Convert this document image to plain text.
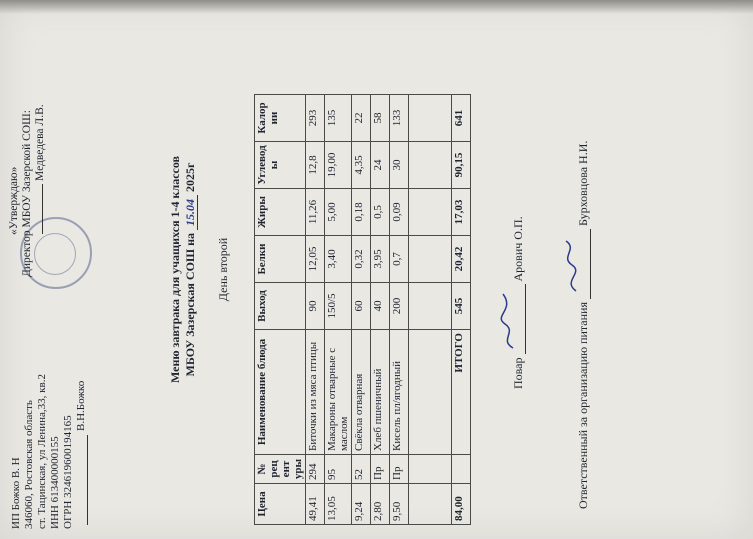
ИП Божко В. Н 346060, Ростовская область ст. Тацинская, ул Ленина,33, кв.2 ИНН 613400000155 ОГРН 324619600194165
В.Н.Божко
«Утверждаю» Директор МБОУ Зазерской СОШ: Медведева Л.В.
Меню завтрака для учащихся 1-4 классов МБОУ Зазерская СОШ на 15.04 2025г
День второй
Цена	№ рец ент уры	Наименование блюда	Выход	Белки	Жиры	Углевод ы	Калор ии
49,41	294	Биточки из мяса птицы	90	12,05	11,26	12,8	293
13,05	95	Макароны отварные с маслом	150/5	3,40	5,00	19,00	135
9,24	52	Свёкла отварная	60	0,32	0,18	4,35	22
2,80	Пр	Хлеб пшеничный	40	3,95	0,5	24	58
9,50	Пр	Кисель пл/ягодный	200	0,7	0,09	30	133

84,00		ИТОГО	545	20,42	17,03	90,15	641
Повар
Арович О.П.
Ответственный за организацию питания
Бурховцова Н.И.
